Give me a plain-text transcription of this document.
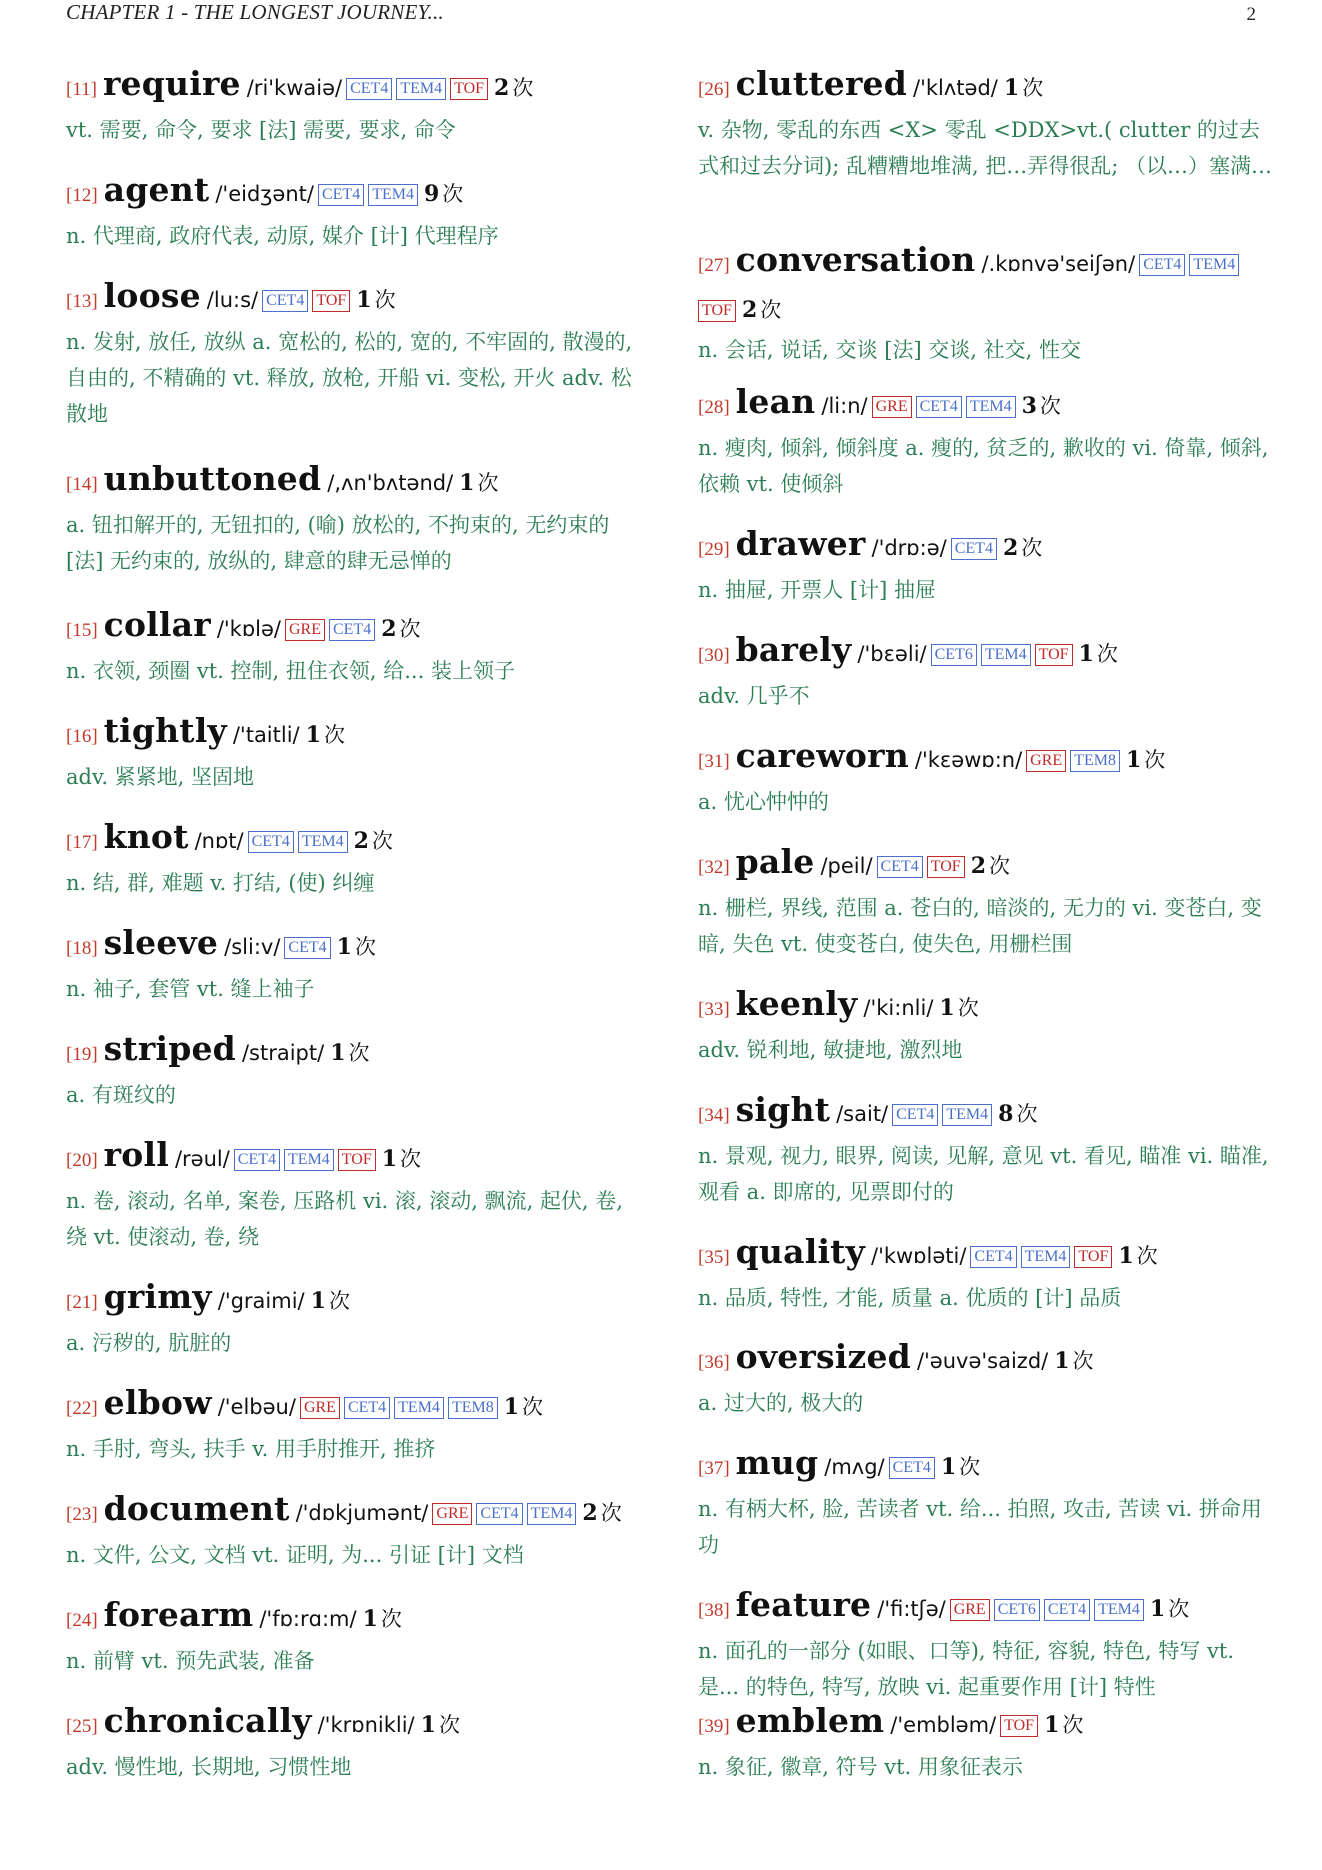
CHAPTER 1 - THE LONGEST JOURNEY...	2
[11] require /ri'kwaiə/ CET4 TEM4 TOF 2 次
vt. 需要, 命令, 要求 [法] 需要, 要求, 命令
[12] agent /'eidʒənt/ CET4 TEM4 9 次
n. 代理商, 政府代表, 动原, 媒介 [计] 代理程序
[13] loose /lu:s/ CET4 TOF 1 次
n. 发射, 放任, 放纵 a. 宽松的, 松的, 宽的, 不牢固的, 散漫的, 自由的, 不精确的 vt. 释放, 放枪, 开船 vi. 变松, 开火 adv. 松散地
[14] unbuttoned /,ʌn'bʌtənd/ 1 次
a. 钮扣解开的, 无钮扣的, (喻) 放松的, 不拘束的, 无约束的 [法] 无约束的, 放纵的, 肆意的肆无忌惮的
[15] collar /'kɒlə/ GRE CET4 2 次
n. 衣领, 颈圈 vt. 控制, 扭住衣领, 给... 装上领子
[16] tightly /'taitli/ 1 次
adv. 紧紧地, 坚固地
[17] knot /nɒt/ CET4 TEM4 2 次
n. 结, 群, 难题 v. 打结, (使) 纠缠
[18] sleeve /sli:v/ CET4 1 次
n. 袖子, 套管 vt. 缝上袖子
[19] striped /straipt/ 1 次
a. 有斑纹的
[20] roll /rəul/ CET4 TEM4 TOF 1 次
n. 卷, 滚动, 名单, 案卷, 压路机 vi. 滚, 滚动, 飘流, 起伏, 卷, 绕 vt. 使滚动, 卷, 绕
[21] grimy /'graimi/ 1 次
a. 污秽的, 肮脏的
[22] elbow /'elbəu/ GRE CET4 TEM4 TEM8 1 次
n. 手肘, 弯头, 扶手 v. 用手肘推开, 推挤
[23] document /'dɒkjumənt/ GRE CET4 TEM4 2 次
n. 文件, 公文, 文档 vt. 证明, 为... 引证 [计] 文档
[24] forearm /'fɒ:rɑ:m/ 1 次
n. 前臂 vt. 预先武装, 准备
[25] chronically /'krɒnikli/ 1 次
adv. 慢性地, 长期地, 习惯性地
[26] cluttered /'klʌtəd/ 1 次
v. 杂物, 零乱的东西 <X> 零乱 <DDX>vt.( clutter 的过去式和过去分词); 乱糟糟地堆满, 把…弄得很乱; （以…）塞满…
[27] conversation /.kɒnvə'seiʃən/ CET4 TEM4
TOF 2 次
n. 会话, 说话, 交谈 [法] 交谈, 社交, 性交
[28] lean /li:n/ GRE CET4 TEM4 3 次
n. 瘦肉, 倾斜, 倾斜度 a. 瘦的, 贫乏的, 歉收的 vi. 倚靠, 倾斜, 依赖 vt. 使倾斜
[29] drawer /'drɒ:ə/ CET4 2 次
n. 抽屉, 开票人 [计] 抽屉
[30] barely /'bɛəli/ CET6 TEM4 TOF 1 次
adv. 几乎不
[31] careworn /'kɛəwɒ:n/ GRE TEM8 1 次
a. 忧心忡忡的
[32] pale /peil/ CET4 TOF 2 次
n. 栅栏, 界线, 范围 a. 苍白的, 暗淡的, 无力的 vi. 变苍白, 变暗, 失色 vt. 使变苍白, 使失色, 用栅栏围
[33] keenly /'ki:nli/ 1 次
adv. 锐利地, 敏捷地, 激烈地
[34] sight /sait/ CET4 TEM4 8 次
n. 景观, 视力, 眼界, 阅读, 见解, 意见 vt. 看见, 瞄准 vi. 瞄准, 观看 a. 即席的, 见票即付的
[35] quality /'kwɒləti/ CET4 TEM4 TOF 1 次
n. 品质, 特性, 才能, 质量 a. 优质的 [计] 品质
[36] oversized /'əuvə'saizd/ 1 次
a. 过大的, 极大的
[37] mug /mʌg/ CET4 1 次
n. 有柄大杯, 脸, 苦读者 vt. 给... 拍照, 攻击, 苦读 vi. 拼命用功
[38] feature /'fi:tʃə/ GRE CET6 CET4 TEM4 1 次
n. 面孔的一部分 (如眼、口等), 特征, 容貌, 特色, 特写 vt. 是... 的特色, 特写, 放映 vi. 起重要作用 [计] 特性
[39] emblem /'embləm/ TOF 1 次
n. 象征, 徽章, 符号 vt. 用象征表示
